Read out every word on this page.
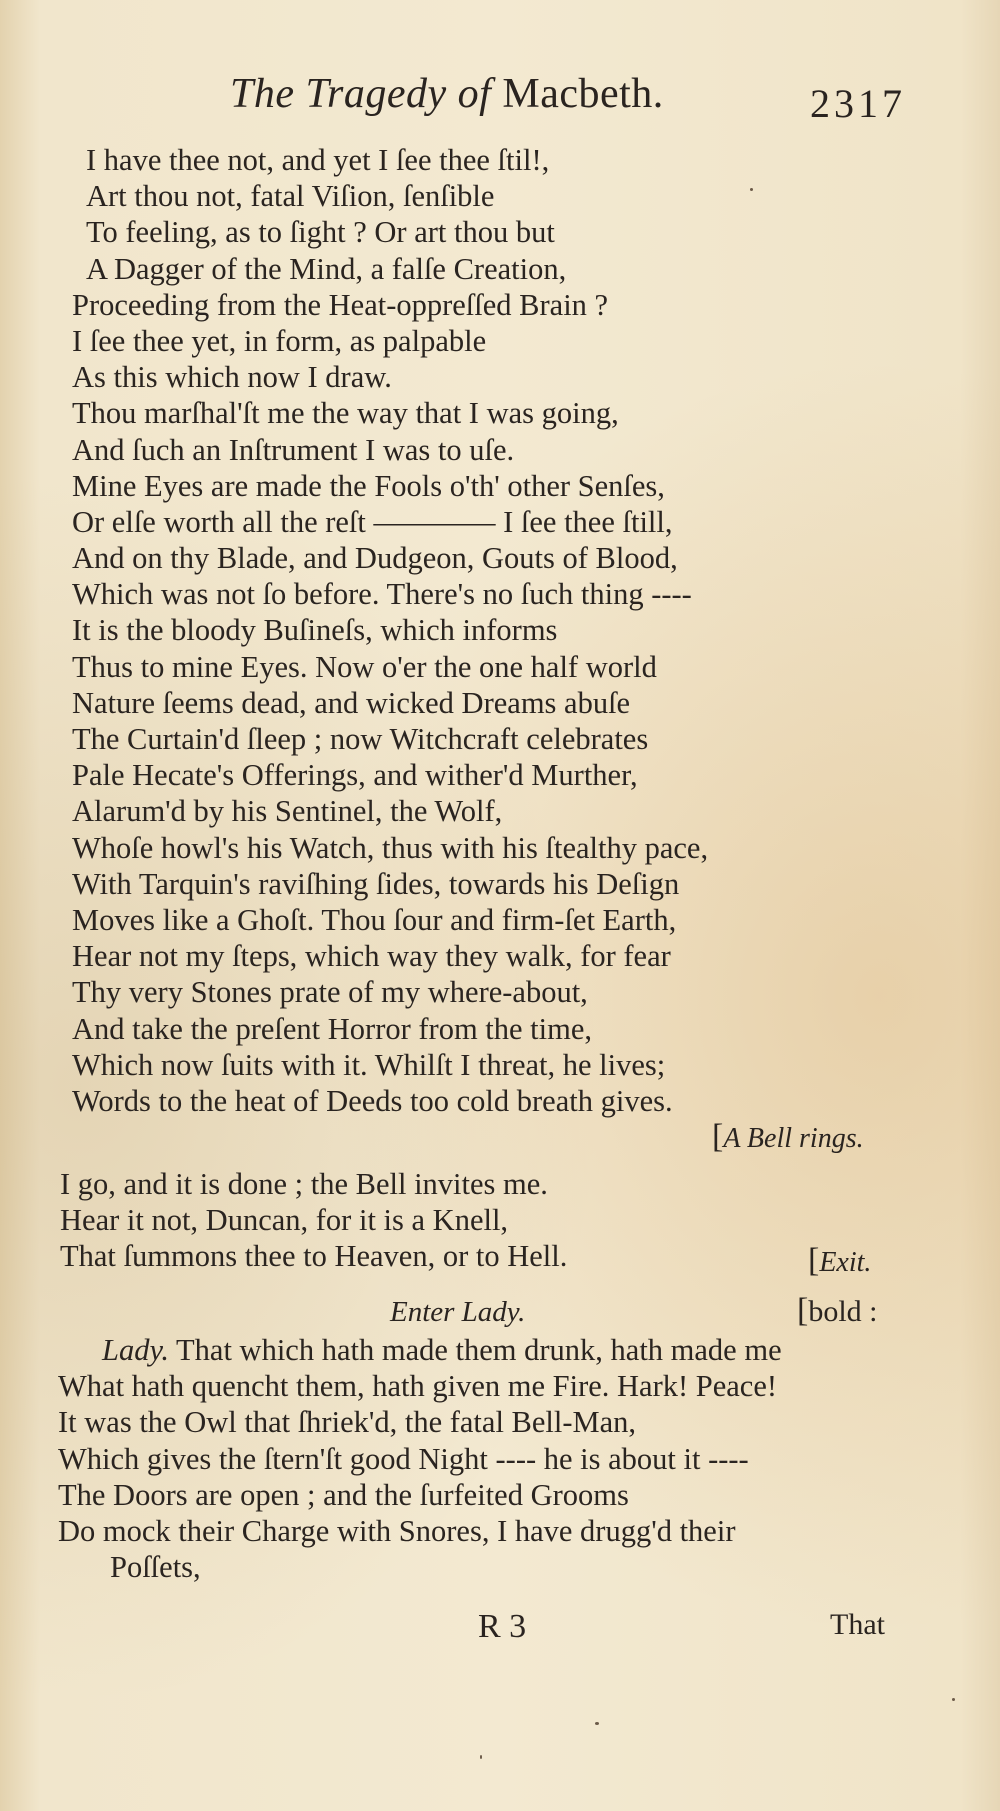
The Tragedy of Macbeth.	2317
I have thee not, and yet I ſee thee ſtil!,
Art thou not, fatal Viſion, ſenſible
To feeling, as to ſight ? Or art thou but
A Dagger of the Mind, a falſe Creation,
Proceeding from the Heat-oppreſſed Brain ?
I ſee thee yet, in form, as palpable
As this which now I draw.
Thou marſhal'ſt me the way that I was going,
And ſuch an Inſtrument I was to uſe.
Mine Eyes are made the Fools o'th' other Senſes,
Or elſe worth all the reſt ———— I ſee thee ſtill,
And on thy Blade, and Dudgeon, Gouts of Blood,
Which was not ſo before. There's no ſuch thing ----
It is the bloody Buſineſs, which informs
Thus to mine Eyes. Now o'er the one half world
Nature ſeems dead, and wicked Dreams abuſe
The Curtain'd ſleep ; now Witchcraft celebrates
Pale Hecate's Offerings, and wither'd Murther,
Alarum'd by his Sentinel, the Wolf,
Whoſe howl's his Watch, thus with his ſtealthy pace,
With Tarquin's raviſhing ſides, towards his Deſign
Moves like a Ghoſt. Thou ſour and firm-ſet Earth,
Hear not my ſteps, which way they walk, for fear
Thy very Stones prate of my where-about,
And take the preſent Horror from the time,
Which now ſuits with it. Whilſt I threat, he lives;
Words to the heat of Deeds too cold breath gives.
[A Bell rings.
I go, and it is done ; the Bell invites me.
Hear it not, Duncan, for it is a Knell,
That ſummons thee to Heaven, or to Hell.	[Exit.
Enter Lady.	[bold :
Lady. That which hath made them drunk, hath made me
What hath quencht them, hath given me Fire. Hark! Peace!
It was the Owl that ſhriek'd, the fatal Bell-Man,
Which gives the ſtern'ſt good Night ---- he is about it ----
The Doors are open ; and the ſurfeited Grooms
Do mock their Charge with Snores, I have drugg'd their
Poſſets,
R 3	That
